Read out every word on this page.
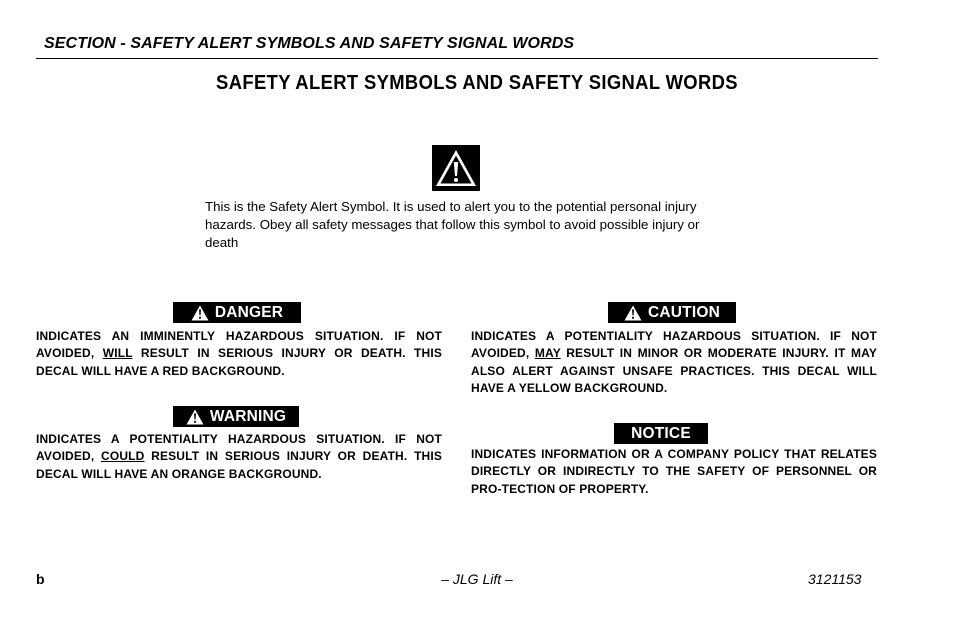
SECTION - SAFETY ALERT SYMBOLS AND SAFETY SIGNAL WORDS
SAFETY ALERT SYMBOLS AND SAFETY SIGNAL WORDS
This is the Safety Alert Symbol. It is used to alert you to the potential personal injury hazards. Obey all safety messages that follow this symbol to avoid possible injury or death
DANGER
INDICATES AN IMMINENTLY HAZARDOUS SITUATION. IF NOT AVOIDED, WILL RESULT IN SERIOUS INJURY OR DEATH. THIS DECAL WILL HAVE A RED BACKGROUND.
WARNING
INDICATES A POTENTIALITY HAZARDOUS SITUATION. IF NOT AVOIDED, COULD RESULT IN SERIOUS INJURY OR DEATH. THIS DECAL WILL HAVE AN ORANGE BACKGROUND.
CAUTION
INDICATES A POTENTIALITY HAZARDOUS SITUATION. IF NOT AVOIDED, MAY RESULT IN MINOR OR MODERATE INJURY. IT MAY ALSO ALERT AGAINST UNSAFE PRACTICES. THIS DECAL WILL HAVE A YELLOW BACKGROUND.
NOTICE
INDICATES INFORMATION OR A COMPANY POLICY THAT RELATES DIRECTLY OR INDIRECTLY TO THE SAFETY OF PERSONNEL OR PRO-TECTION OF PROPERTY.
b	– JLG Lift –	3121153
